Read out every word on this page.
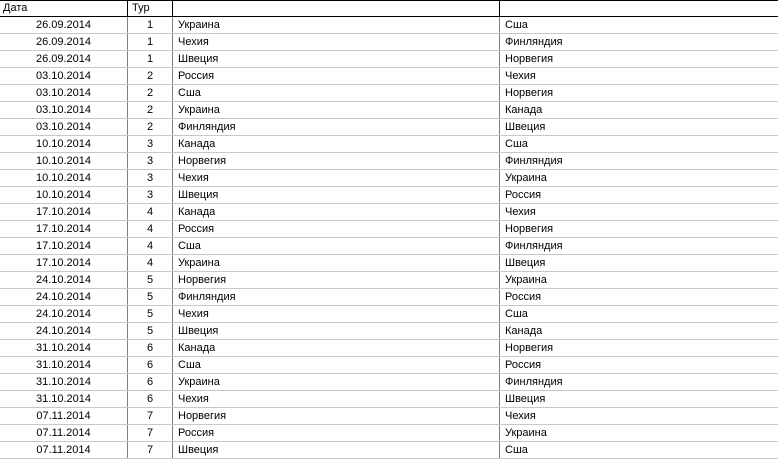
Дата	Тур
26.09.2014	1	Украина	Сша
26.09.2014	1	Чехия	Финляндия
26.09.2014	1	Швеция	Норвегия
03.10.2014	2	Россия	Чехия
03.10.2014	2	Сша	Норвегия
03.10.2014	2	Украина	Канада
03.10.2014	2	Финляндия	Швеция
10.10.2014	3	Канада	Сша
10.10.2014	3	Норвегия	Финляндия
10.10.2014	3	Чехия	Украина
10.10.2014	3	Швеция	Россия
17.10.2014	4	Канада	Чехия
17.10.2014	4	Россия	Норвегия
17.10.2014	4	Сша	Финляндия
17.10.2014	4	Украина	Швеция
24.10.2014	5	Норвегия	Украина
24.10.2014	5	Финляндия	Россия
24.10.2014	5	Чехия	Сша
24.10.2014	5	Швеция	Канада
31.10.2014	6	Канада	Норвегия
31.10.2014	6	Сша	Россия
31.10.2014	6	Украина	Финляндия
31.10.2014	6	Чехия	Швеция
07.11.2014	7	Норвегия	Чехия
07.11.2014	7	Россия	Украина
07.11.2014	7	Швеция	Сша
